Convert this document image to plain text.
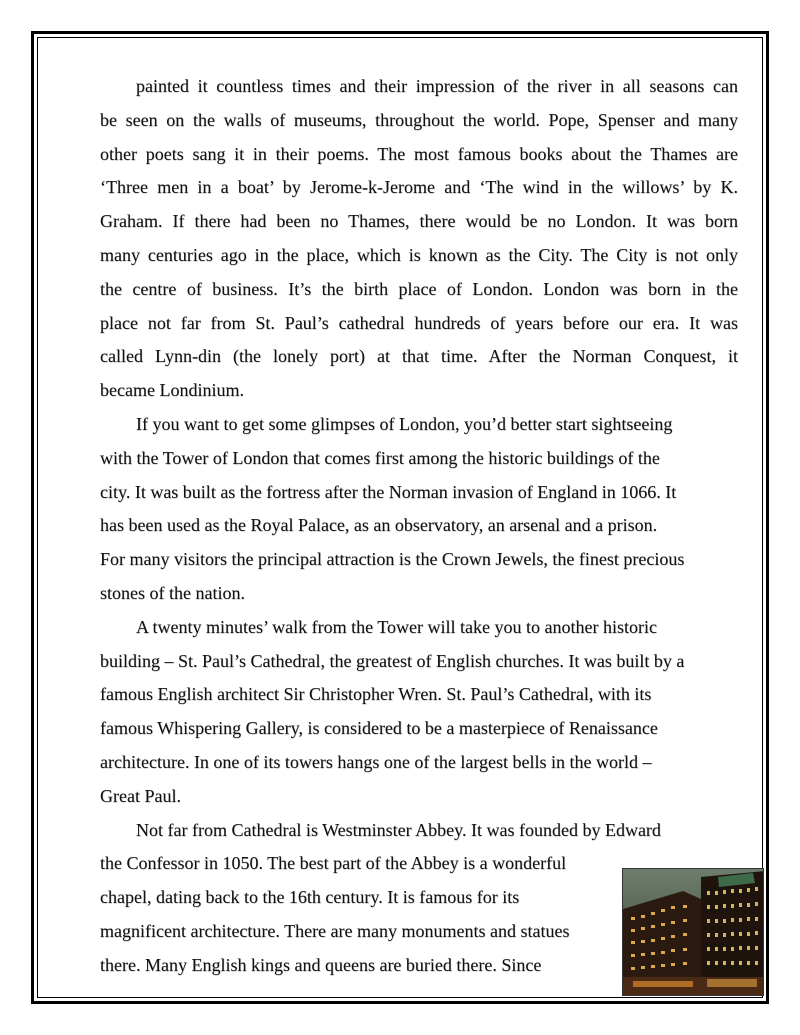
painted it countless times and their impression of the river in all seasons can
be seen on the walls of museums, throughout the world. Pope, Spenser and many
other poets sang it in their poems. The most famous books about the Thames are
‘Three men in a boat’ by Jerome-k-Jerome and ‘The wind in the willows’ by K.
Graham. If there had been no Thames, there would be no London. It was born
many centuries ago in the place, which is known as the City. The City is not only
the centre of business. It’s the birth place of London. London was born in the
place not far from St. Paul’s cathedral hundreds of years before our era. It was
called Lynn-din (the lonely port) at that time. After the Norman Conquest, it
became Londinium.
If you want to get some glimpses of London, you’d better start sightseeing
with the Tower of London that comes first among the historic buildings of the
city. It was built as the fortress after the Norman invasion of England in 1066. It
has been used as the Royal Palace, as an observatory, an arsenal and a prison.
For many visitors the principal attraction is the Crown Jewels, the finest precious
stones of the nation.
A twenty minutes’ walk from the Tower will take you to another historic
building – St. Paul’s Cathedral, the greatest of English churches. It was built by a
famous English architect Sir Christopher Wren. St. Paul’s Cathedral, with its
famous Whispering Gallery, is considered to be a masterpiece of Renaissance
architecture. In one of its towers hangs one of the largest bells in the world –
Great Paul.
Not far from Cathedral is Westminster Abbey. It was founded by Edward
the Confessor in 1050. The best part of the Abbey is a wonderful
chapel, dating back to the 16th century. It is famous for its
magnificent architecture. There are many monuments and statues
there. Many English kings and queens are buried there. Since
